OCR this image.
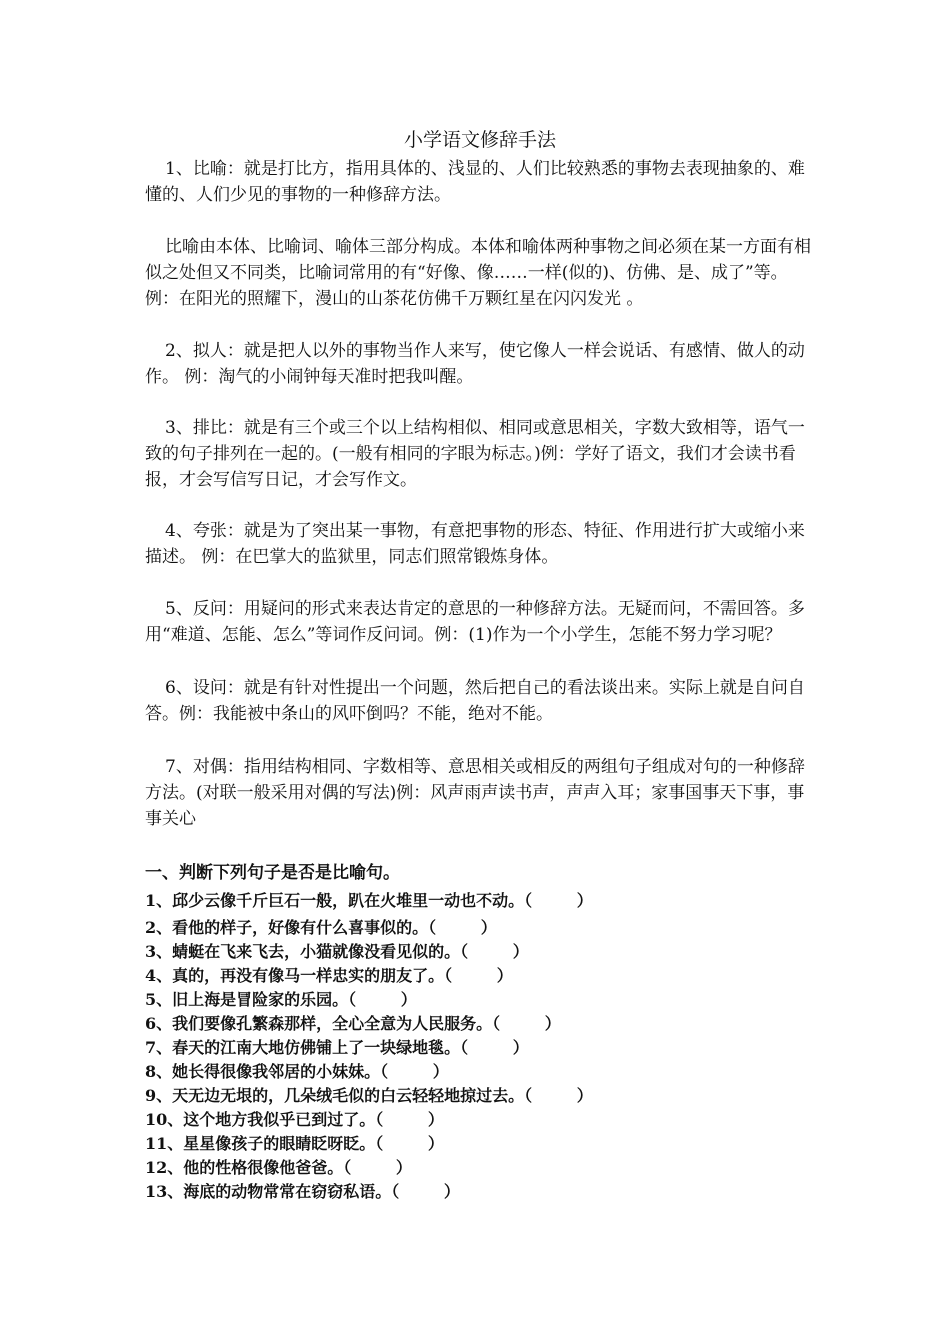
小学语文修辞手法

1、比喻：就是打比方，指用具体的、浅显的、人们比较熟悉的事物去表现抽象的、难懂的、人们少见的事物的一种修辞方法。

比喻由本体、比喻词、喻体三部分构成。本体和喻体两种事物之间必须在某一方面有相似之处但又不同类，比喻词常用的有“好像、像……一样(似的)、仿佛、是、成了”等。例：在阳光的照耀下，漫山的山茶花仿佛千万颗红星在闪闪发光 。

2、拟人：就是把人以外的事物当作人来写，使它像人一样会说话、有感情、做人的动作。 例：淘气的小闹钟每天准时把我叫醒。

3、排比：就是有三个或三个以上结构相似、相同或意思相关，字数大致相等，语气一致的句子排列在一起的。(一般有相同的字眼为标志。)例：学好了语文，我们才会读书看报，才会写信写日记，才会写作文。

4、夸张：就是为了突出某一事物，有意把事物的形态、特征、作用进行扩大或缩小来描述。 例：在巴掌大的监狱里，同志们照常锻炼身体。

5、反问：用疑问的形式来表达肯定的意思的一种修辞方法。无疑而问，不需回答。多用“难道、怎能、怎么”等词作反问词。例：(1)作为一个小学生，怎能不努力学习呢？

6、设问：就是有针对性提出一个问题，然后把自己的看法谈出来。实际上就是自问自答。例：我能被中条山的风吓倒吗？不能，绝对不能。

7、对偶：指用结构相同、字数相等、意思相关或相反的两组句子组成对句的一种修辞方法。(对联一般采用对偶的写法)例：风声雨声读书声，声声入耳；家事国事天下事，事事关心

一、判断下列句子是否是比喻句。

1、邱少云像千斤巨石一般，趴在火堆里一动也不动。（        ）

2、看他的样子，好像有什么喜事似的。（        ）

3、蜻蜓在飞来飞去，小猫就像没看见似的。（        ）

4、真的，再没有像马一样忠实的朋友了。（        ）

5、旧上海是冒险家的乐园。（        ）

6、我们要像孔繁森那样，全心全意为人民服务。（        ）

7、春天的江南大地仿佛铺上了一块绿地毯。（        ）

8、她长得很像我邻居的小妹妹。（        ）

9、天无边无垠的，几朵绒毛似的白云轻轻地掠过去。（        ）

10、这个地方我似乎已到过了。（        ）

11、星星像孩子的眼睛眨呀眨。（        ）

12、他的性格很像他爸爸。（        ）

13、海底的动物常常在窃窃私语。（        ）
